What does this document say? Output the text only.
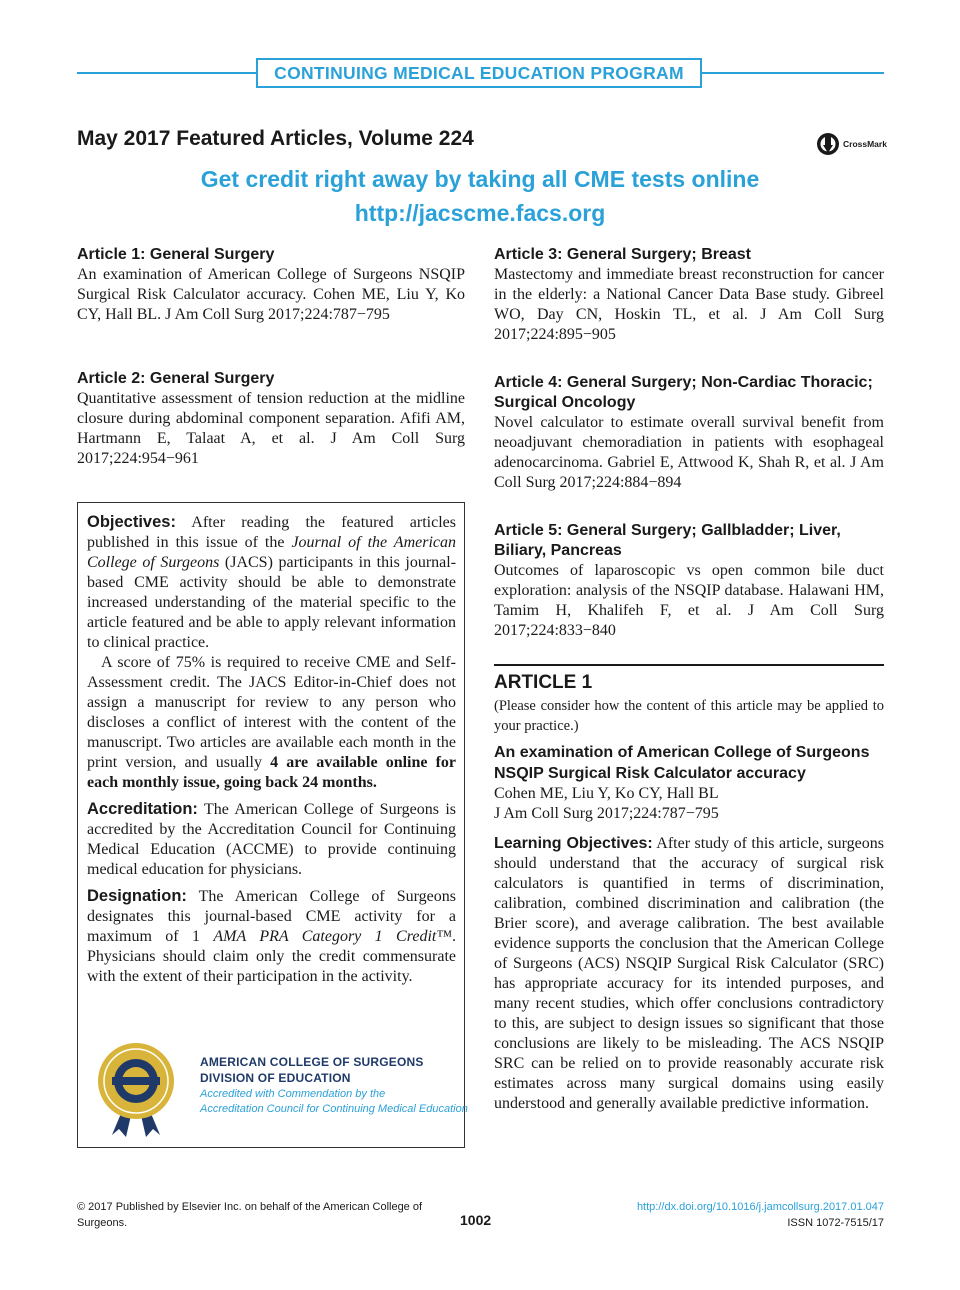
CONTINUING MEDICAL EDUCATION PROGRAM
May 2017 Featured Articles, Volume 224	CrossMark
Get credit right away by taking all CME tests online
http://jacscme.facs.org
Article 1: General Surgery

An examination of American College of Surgeons NSQIP Surgical Risk Calculator accuracy. Cohen ME, Liu Y, Ko CY, Hall BL. J Am Coll Surg 2017;224:787−795

Article 2: General Surgery

Quantitative assessment of tension reduction at the midline closure during abdominal component separation. Afifi AM, Hartmann E, Talaat A, et al. J Am Coll Surg 2017;224:954−961

Article 3: General Surgery; Breast

Mastectomy and immediate breast reconstruction for cancer in the elderly: a National Cancer Data Base study. Gibreel WO, Day CN, Hoskin TL, et al. J Am Coll Surg 2017;224:895−905

Article 4: General Surgery; Non-Cardiac Thoracic; Surgical Oncology

Novel calculator to estimate overall survival benefit from neoadjuvant chemoradiation in patients with esophageal adenocarcinoma. Gabriel E, Attwood K, Shah R, et al. J Am Coll Surg 2017;224:884−894

Article 5: General Surgery; Gallbladder; Liver, Biliary, Pancreas

Outcomes of laparoscopic vs open common bile duct exploration: analysis of the NSQIP database. Halawani HM, Tamim H, Khalifeh F, et al. J Am Coll Surg 2017;224:833−840

Objectives: After reading the featured articles published in this issue of the Journal of the American College of Surgeons (JACS) participants in this journal-based CME activity should be able to demonstrate increased understanding of the material specific to the article featured and be able to apply relevant information to clinical practice.

A score of 75% is required to receive CME and Self-Assessment credit. The JACS Editor-in-Chief does not assign a manuscript for review to any person who discloses a conflict of interest with the content of the manuscript. Two articles are available each month in the print version, and usually 4 are available online for each monthly issue, going back 24 months.

Accreditation: The American College of Surgeons is accredited by the Accreditation Council for Continuing Medical Education (ACCME) to provide continuing medical education for physicians.

Designation: The American College of Surgeons designates this journal-based CME activity for a maximum of 1 AMA PRA Category 1 Credit™. Physicians should claim only the credit commensurate with the extent of their participation in the activity.

AMERICAN COLLEGE OF SURGEONS
DIVISION OF EDUCATION
Accredited with Commendation by the
Accreditation Council for Continuing Medical Education
ARTICLE 1

(Please consider how the content of this article may be applied to your practice.)

An examination of American College of Surgeons NSQIP Surgical Risk Calculator accuracy

Cohen ME, Liu Y, Ko CY, Hall BL

J Am Coll Surg 2017;224:787−795

Learning Objectives: After study of this article, surgeons should understand that the accuracy of surgical risk calculators is quantified in terms of discrimination, calibration, combined discrimination and calibration (the Brier score), and average calibration. The best available evidence supports the conclusion that the American College of Surgeons (ACS) NSQIP Surgical Risk Calculator (SRC) has appropriate accuracy for its intended purposes, and many recent studies, which offer conclusions contradictory to this, are subject to design issues so significant that those conclusions are likely to be misleading. The ACS NSQIP SRC can be relied on to provide reasonably accurate risk estimates across many surgical domains using easily understood and generally available predictive information.

© 2017 Published by Elsevier Inc. on behalf of the American College of Surgeons.	1002
http://dx.doi.org/10.1016/j.jamcollsurg.2017.01.047
ISSN 1072-7515/17
